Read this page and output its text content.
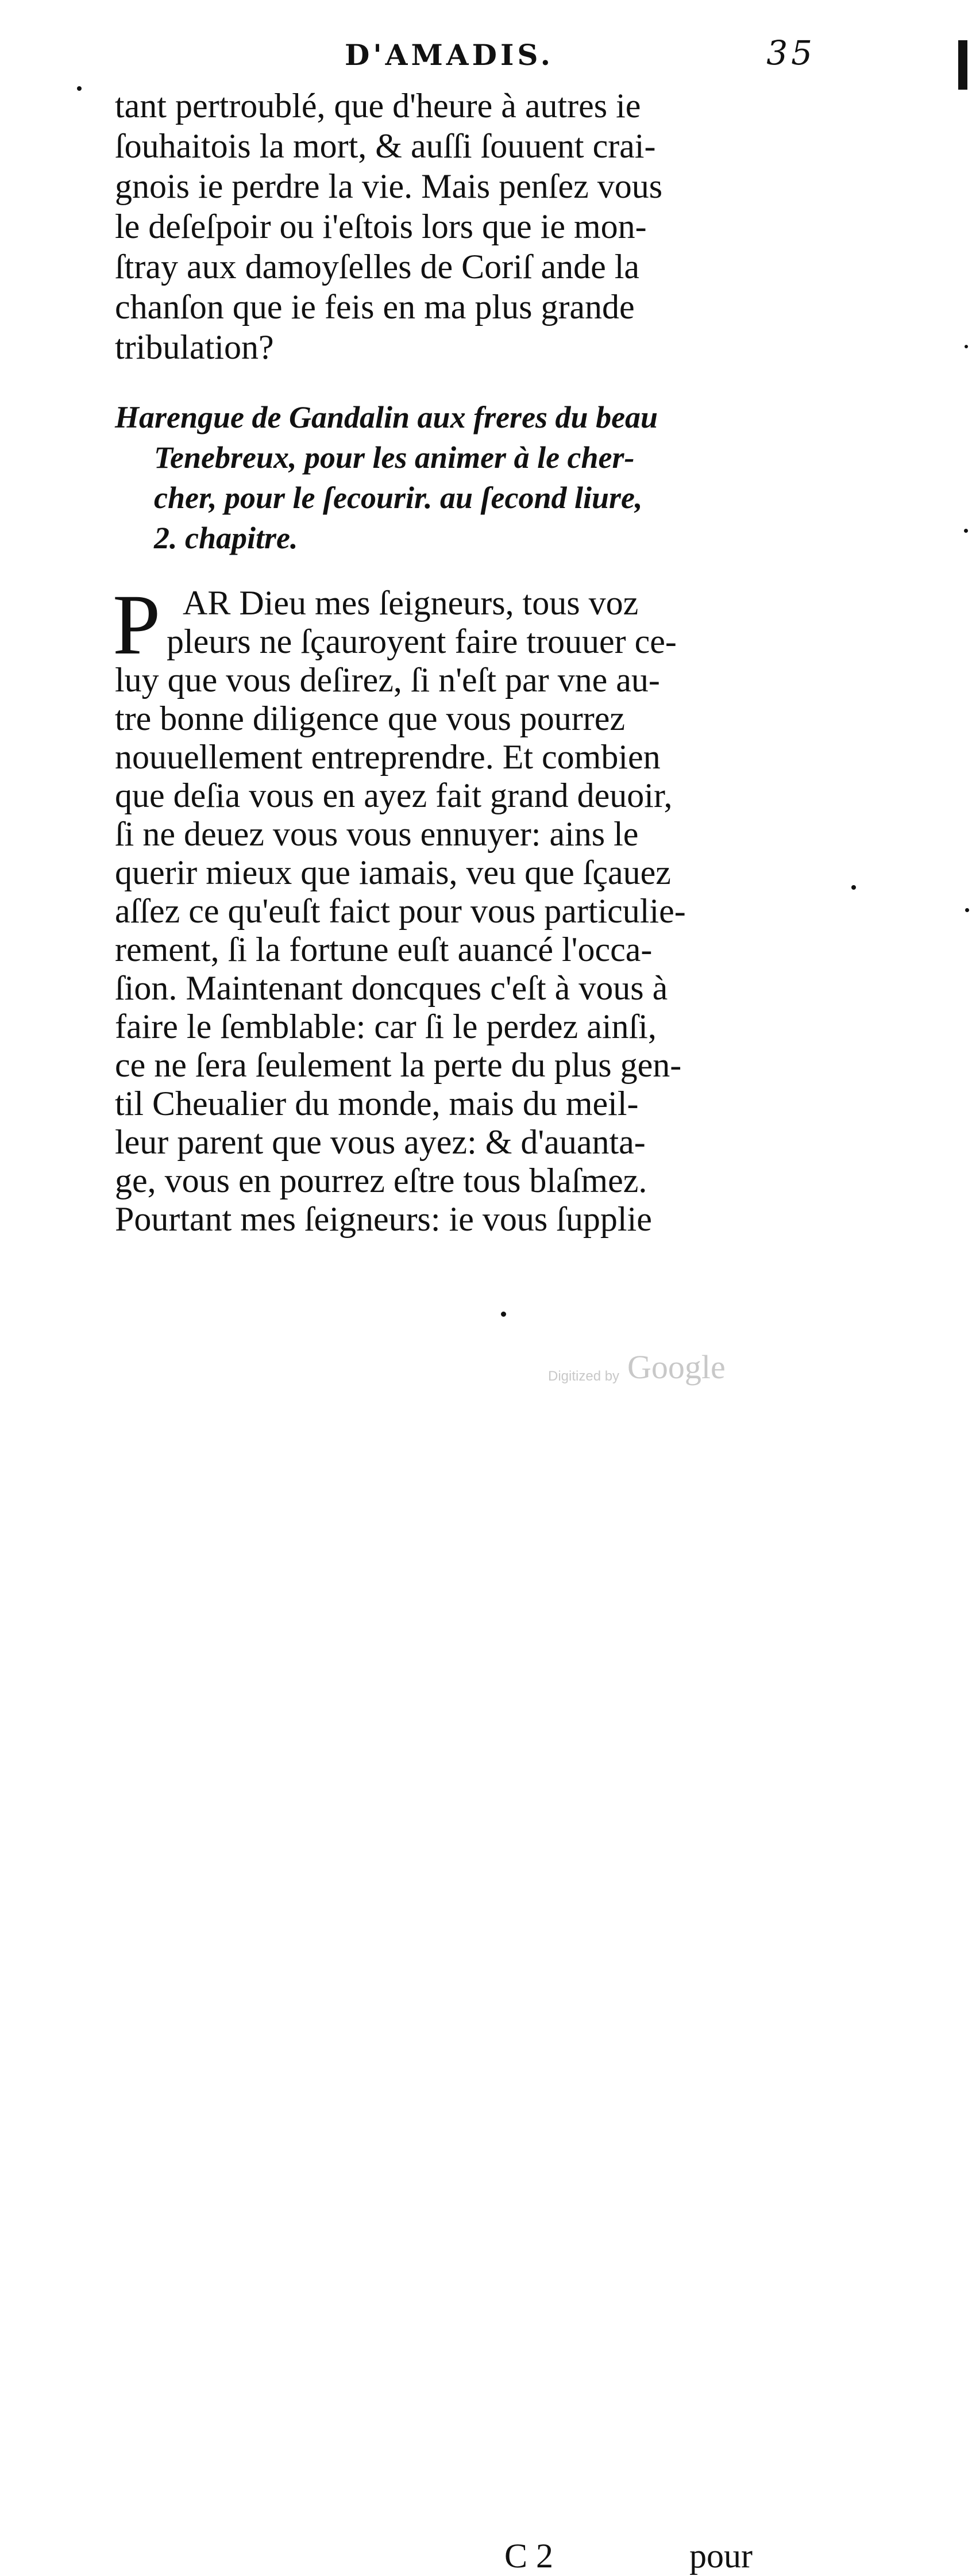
D'AMADIS.	35
tant pertroublé, que d'heure à autres ie
ſouhaitois la mort, & auſſi ſouuent crai-
gnois ie perdre la vie. Mais penſez vous
le deſeſpoir ou i'eſtois lors que ie mon-
ſtray aux damoyſelles de Coriſ ande la
chanſon que ie feis en ma plus grande
tribulation?
Harengue de Gandalin aux freres du beau
Tenebreux, pour les animer à le cher-
cher, pour le ſecourir. au ſecond liure,
2. chapitre.
P AR Dieu mes ſeigneurs, tous voz
pleurs ne ſçauroyent faire trouuer ce-
luy que vous deſirez, ſi n'eſt par vne au-
tre bonne diligence que vous pourrez
nouuellement entreprendre. Et combien
que deſia vous en ayez fait grand deuoir,
ſi ne deuez vous vous ennuyer: ains le
querir mieux que iamais, veu que ſçauez
aſſez ce qu'euſt faict pour vous particulie-
rement, ſi la fortune euſt auancé l'occa-
ſion. Maintenant doncques c'eſt à vous à
faire le ſemblable: car ſi le perdez ainſi,
ce ne ſera ſeulement la perte du plus gen-
til Cheualier du monde, mais du meil-
leur parent que vous ayez: & d'auanta-
ge, vous en pourrez eſtre tous blaſmez.
Pourtant mes ſeigneurs: ie vous ſupplie
C 2	pour
Digitized by Google
